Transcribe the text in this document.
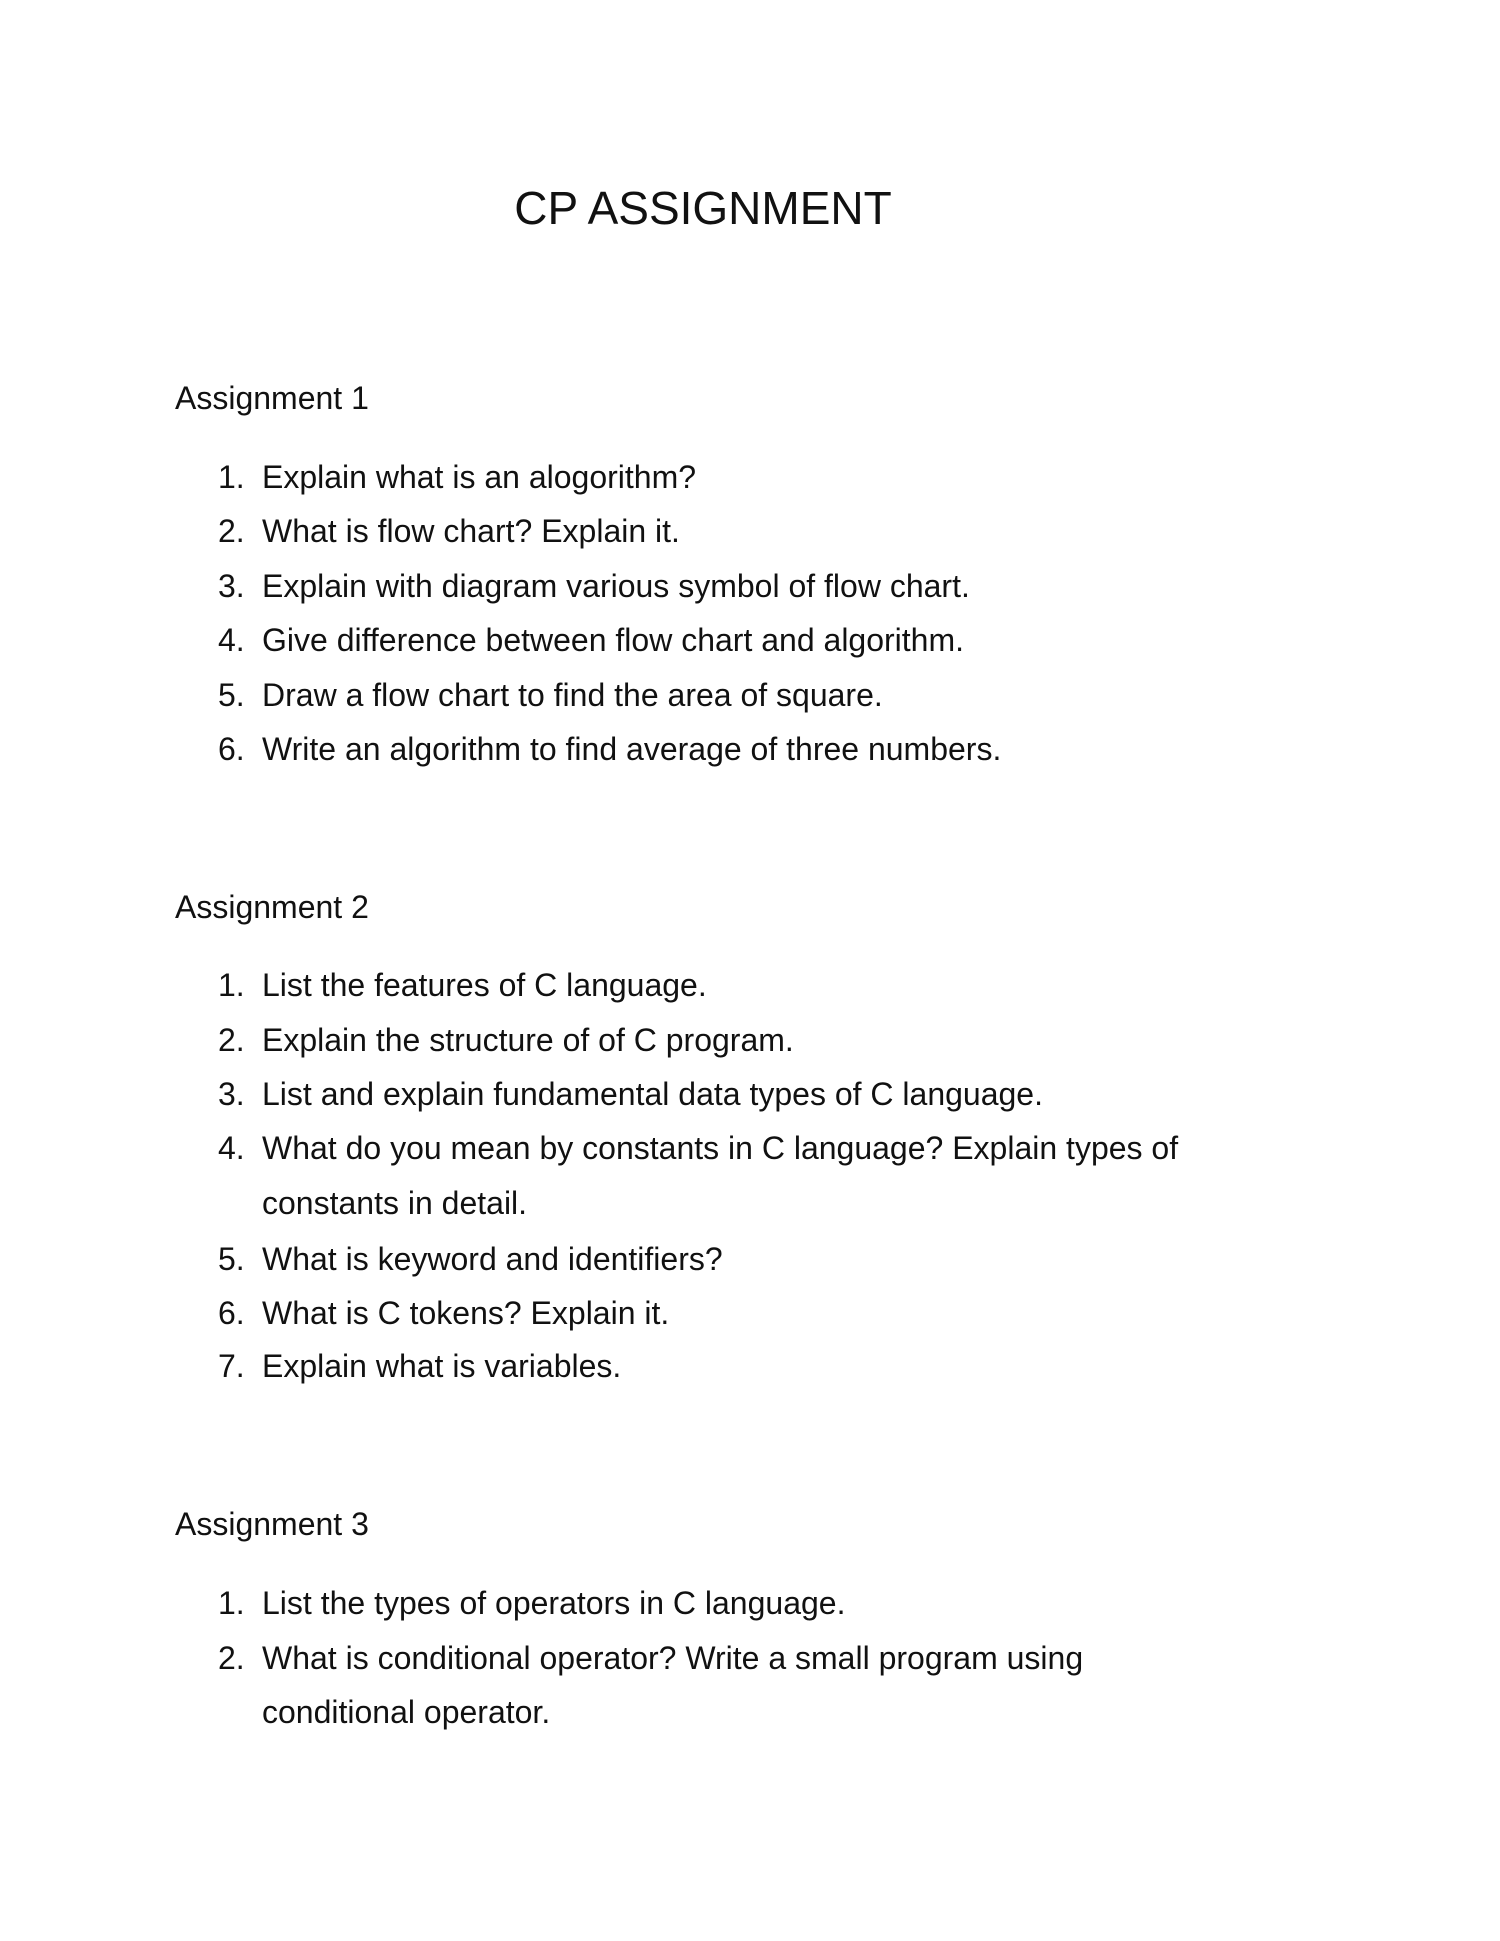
CP ASSIGNMENT
Assignment 1
1. Explain what is an alogorithm?
2. What is flow chart? Explain it.
3. Explain with diagram various symbol of flow chart.
4. Give difference between flow chart and algorithm.
5. Draw a flow chart to find the area of square.
6. Write an algorithm to find average of three numbers.
Assignment 2
1. List the features of C language.
2. Explain the structure of of C program.
3. List and explain fundamental data types of C language.
4. What do you mean by constants in C language? Explain types of
constants in detail.
5. What is keyword and identifiers?
6. What is C tokens? Explain it.
7. Explain what is variables.
Assignment 3
1. List the types of operators in C language.
2. What is conditional operator? Write a small program using
conditional operator.
